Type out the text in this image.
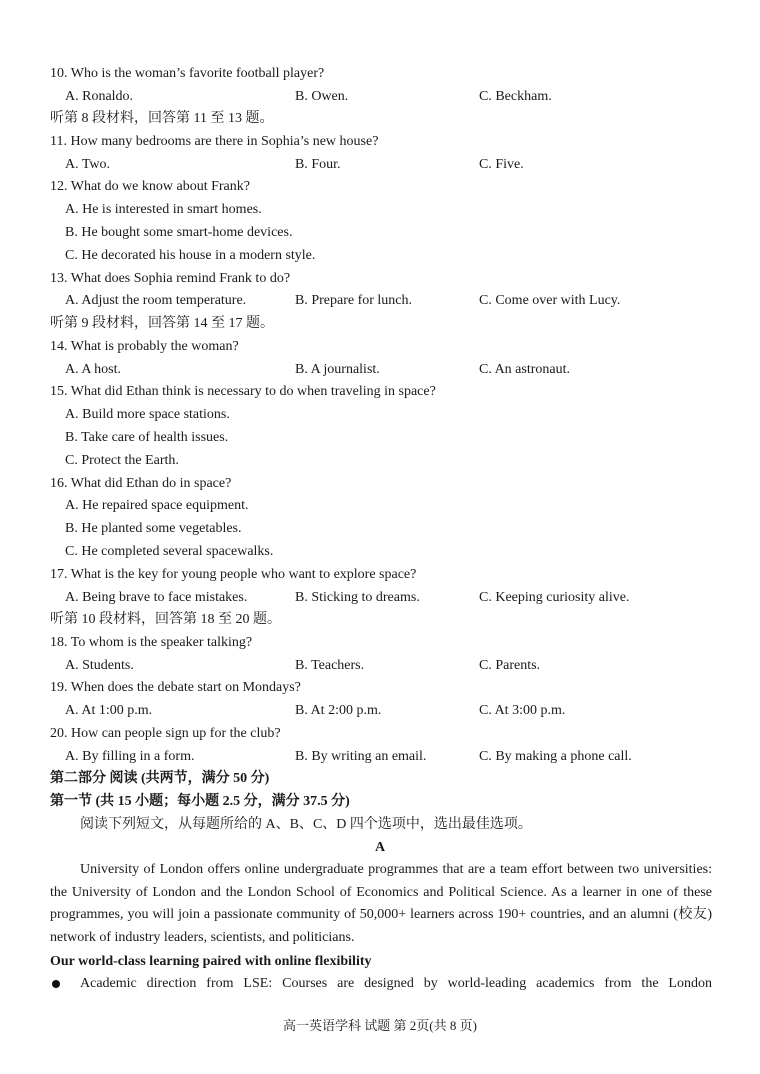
10. Who is the woman’s favorite football player?
A. Ronaldo.	B. Owen.	C. Beckham.
听第 8 段材料，回答第 11 至 13 题。
11. How many bedrooms are there in Sophia’s new house?
A. Two.	B. Four.	C. Five.
12. What do we know about Frank?
A. He is interested in smart homes.
B. He bought some smart-home devices.
C. He decorated his house in a modern style.
13. What does Sophia remind Frank to do?
A. Adjust the room temperature.	B. Prepare for lunch.	C. Come over with Lucy.
听第 9 段材料，回答第 14 至 17 题。
14. What is probably the woman?
A. A host.	B. A journalist.	C. An astronaut.
15. What did Ethan think is necessary to do when traveling in space?
A. Build more space stations.
B. Take care of health issues.
C. Protect the Earth.
16. What did Ethan do in space?
A. He repaired space equipment.
B. He planted some vegetables.
C. He completed several spacewalks.
17. What is the key for young people who want to explore space?
A. Being brave to face mistakes.	B. Sticking to dreams.	C. Keeping curiosity alive.
听第 10 段材料，回答第 18 至 20 题。
18. To whom is the speaker talking?
A. Students.	B. Teachers.	C. Parents.
19. When does the debate start on Mondays?
A. At 1:00 p.m.	B. At 2:00 p.m.	C. At 3:00 p.m.
20. How can people sign up for the club?
A. By filling in a form.	B. By writing an email.	C. By making a phone call.
第二部分 阅读 (共两节，满分 50 分)
第一节 (共 15 小题；每小题 2.5 分，满分 37.5 分)
阅读下列短文，从每题所给的 A、B、C、D 四个选项中，选出最佳选项。
A
University of London offers online undergraduate programmes that are a team effort between two universities: the University of London and the London School of Economics and Political Science. As a learner in one of these programmes, you will join a passionate community of 50,000+ learners across 190+ countries, and an alumni (校友) network of industry leaders, scientists, and politicians.
Our world-class learning paired with online flexibility
Academic direction from LSE: Courses are designed by world-leading academics from the London
高一英语学科 试题 第 2页(共 8 页)
